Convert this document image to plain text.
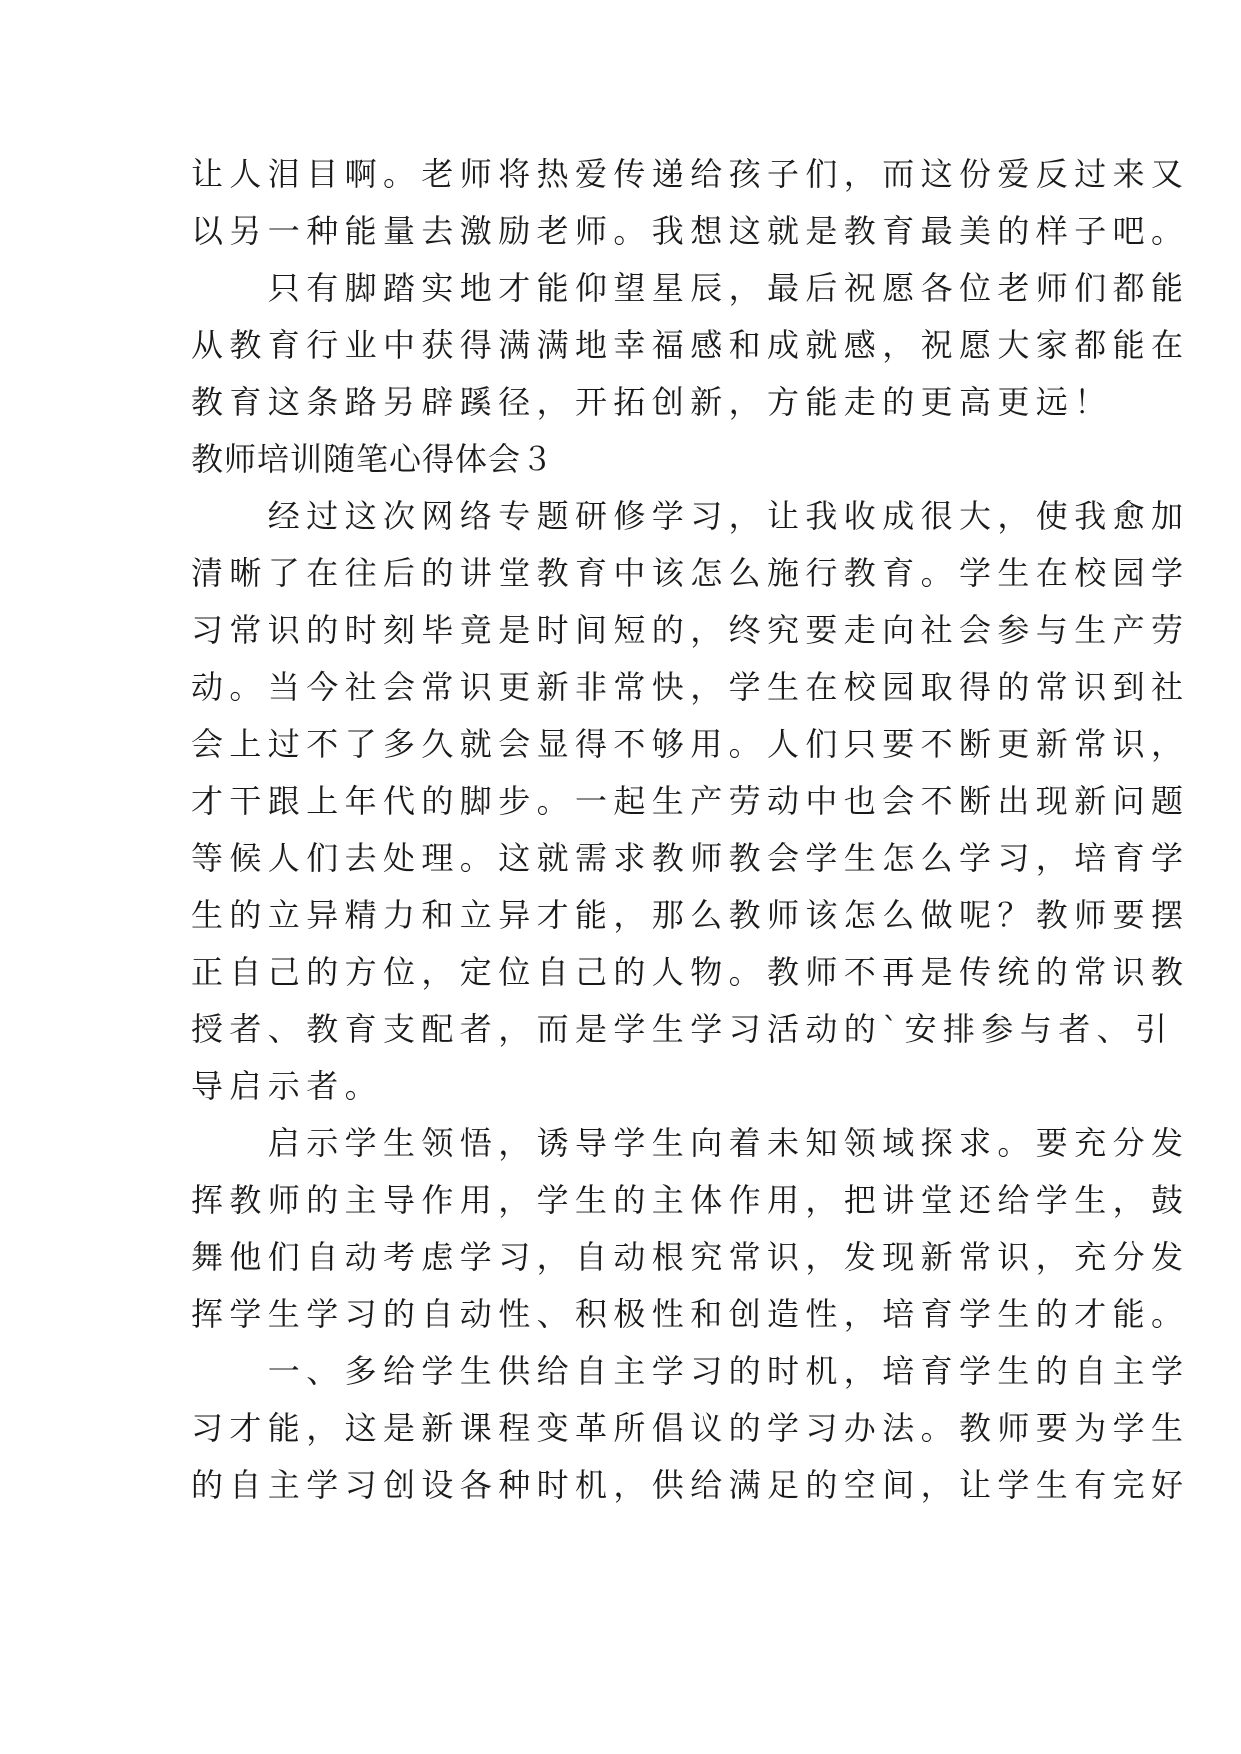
让人泪目啊。老师将热爱传递给孩子们，而这份爱反过来又
以另一种能量去激励老师。我想这就是教育最美的样子吧。
　　只有脚踏实地才能仰望星辰，最后祝愿各位老师们都能
从教育行业中获得满满地幸福感和成就感，祝愿大家都能在
教育这条路另辟蹊径，开拓创新，方能走的更高更远！
教师培训随笔心得体会３
　　经过这次网络专题研修学习，让我收成很大，使我愈加
清晰了在往后的讲堂教育中该怎么施行教育。学生在校园学
习常识的时刻毕竟是时间短的，终究要走向社会参与生产劳
动。当今社会常识更新非常快，学生在校园取得的常识到社
会上过不了多久就会显得不够用。人们只要不断更新常识，
才干跟上年代的脚步。一起生产劳动中也会不断出现新问题
等候人们去处理。这就需求教师教会学生怎么学习，培育学
生的立异精力和立异才能，那么教师该怎么做呢？教师要摆
正自己的方位，定位自己的人物。教师不再是传统的常识教
授者、教育支配者，而是学生学习活动的`安排参与者、引
导启示者。
　　启示学生领悟，诱导学生向着未知领域探求。要充分发
挥教师的主导作用，学生的主体作用，把讲堂还给学生，鼓
舞他们自动考虑学习，自动根究常识，发现新常识，充分发
挥学生学习的自动性、积极性和创造性，培育学生的才能。
　　一、多给学生供给自主学习的时机，培育学生的自主学
习才能，这是新课程变革所倡议的学习办法。教师要为学生
的自主学习创设各种时机，供给满足的空间，让学生有完好
